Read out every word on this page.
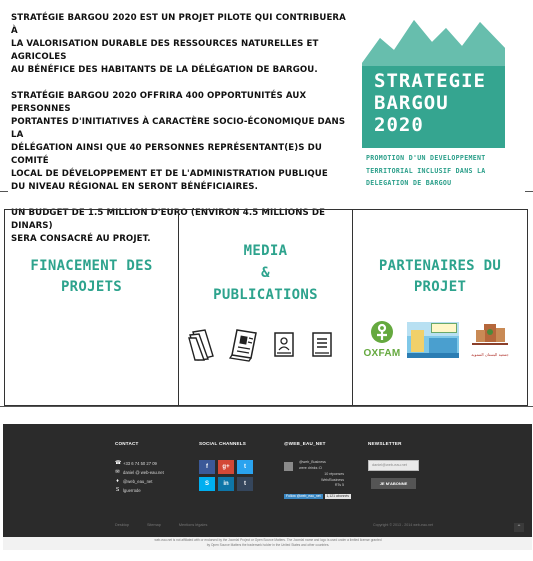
STRATÉGIE BARGOU 2020 EST UN PROJET PILOTE QUI CONTRIBUERA À
LA VALORISATION DURABLE DES RESSOURCES NATURELLES ET AGRICOLES
AU BÉNÉFICE DES HABITANTS DE LA DÉLÉGATION DE BARGOU.

STRATÉGIE BARGOU 2020 OFFRIRA 400 OPPORTUNITÉS AUX PERSONNES
PORTANTES D'INITIATIVES À CARACTÈRE SOCIO-ÉCONOMIQUE DANS LA
DÉLÉGATION AINSI QUE 40 PERSONNES REPRÉSENTANT(E)S DU COMITÉ
LOCAL DE DÉVELOPPEMENT ET DE L'ADMINISTRATION PUBLIQUE
DU NIVEAU RÉGIONAL EN SERONT BÉNÉFICIAIRES.

UN BUDGET DE 1.5 MILLION D'EURO (ENVIRON 4.5 MILLIONS DE DINARS)
SERA CONSACRÉ AU PROJET.

STRATEGIE
BARGOU
2020
PROMOTION D'UN DEVELOPPEMENT
TERRITORIAL INCLUSIF DANS LA
DELEGATION DE BARGOU
FINACEMENT DES
PROJETS
MEDIA
&
PUBLICATIONS
PARTENAIRES DU
PROJET
OXFAM	جمعية البستان التنموية
CONTACT
☎ +33 6 74 50 27 09
✉ daniel @ web-eau.net
♦ @web_eau_net
S lguerrode
SOCIAL CHANNELS
f	g+	t
S	in	t
@WEB_EAU_NET
@web_Business
were drinks :D
10 réponses
Web/Business
RTs 5
Follow @web_eau_net	1,121 abonnés
NEWSLETTER
daniel@web-eau.net
JE M'ABONNE
Desktop	Sitemap	Mentions légales	Copyright © 2013 - 2014 web-eau.net	⌃
web-eau.net is not affiliated with or endorsed by the Joomla! Project or Open Source Matters. The Joomla! name and logo is used under a limited license granted by Open Source Matters the trademark holder in the United States and other countries.
